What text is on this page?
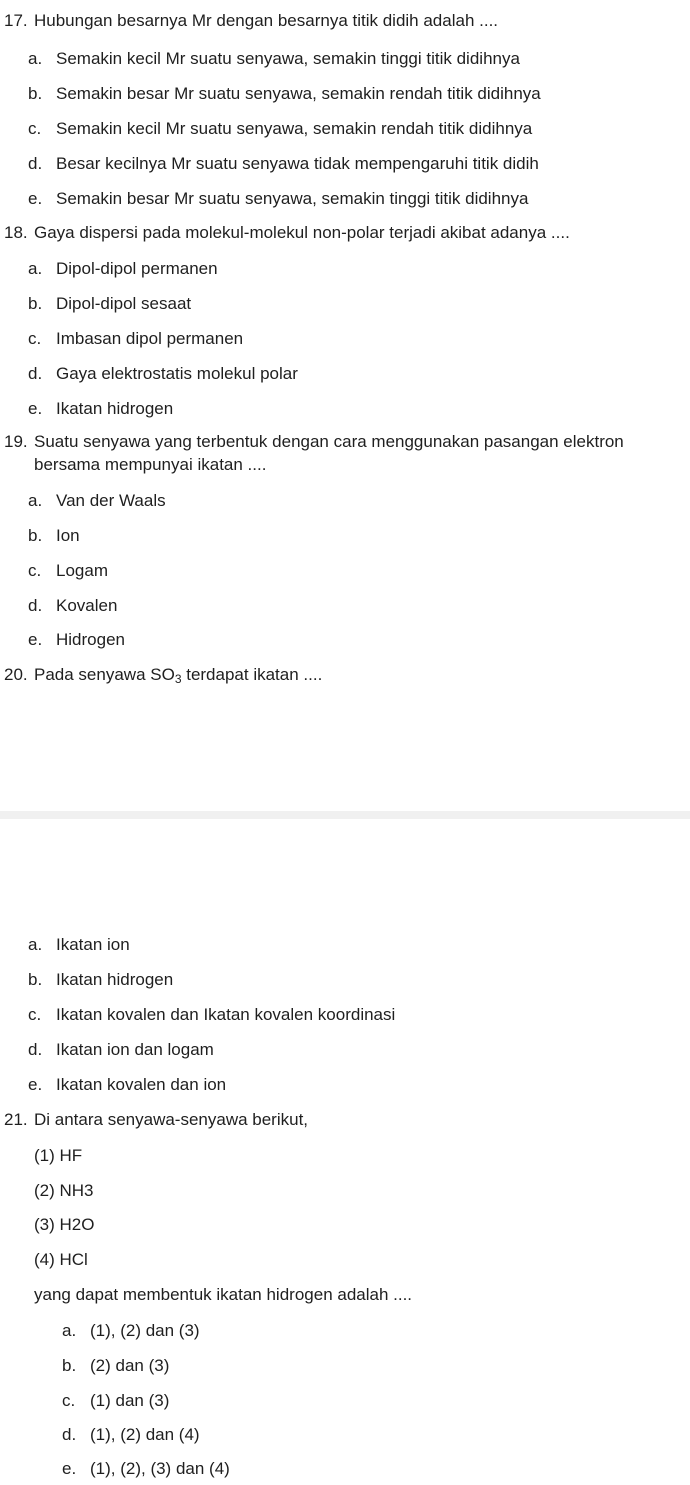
17. Hubungan besarnya Mr dengan besarnya titik didih adalah ....
a. Semakin kecil Mr suatu senyawa, semakin tinggi titik didihnya
b. Semakin besar Mr suatu senyawa, semakin rendah titik didihnya
c. Semakin kecil Mr suatu senyawa, semakin rendah titik didihnya
d. Besar kecilnya Mr suatu senyawa tidak mempengaruhi titik didih
e. Semakin besar Mr suatu senyawa, semakin tinggi titik didihnya
18. Gaya dispersi pada molekul-molekul non-polar terjadi akibat adanya ....
a. Dipol-dipol permanen
b. Dipol-dipol sesaat
c. Imbasan dipol permanen
d. Gaya elektrostatis molekul polar
e. Ikatan hidrogen
19. Suatu senyawa yang terbentuk dengan cara menggunakan pasangan elektron
bersama mempunyai ikatan ....
a. Van der Waals
b. Ion
c. Logam
d. Kovalen
e. Hidrogen
20. Pada senyawa $SO_3$ terdapat ikatan ....
a. Ikatan ion
b. Ikatan hidrogen
c. Ikatan kovalen dan Ikatan kovalen koordinasi
d. Ikatan ion dan logam
e. Ikatan kovalen dan ion
21. Di antara senyawa-senyawa berikut,
(1) HF
(2) NH3
(3) H2O
(4) HCl
yang dapat membentuk ikatan hidrogen adalah ....
a. (1), (2) dan (3)
b. (2) dan (3)
c. (1) dan (3)
d. (1), (2) dan (4)
e. (1), (2), (3) dan (4)
